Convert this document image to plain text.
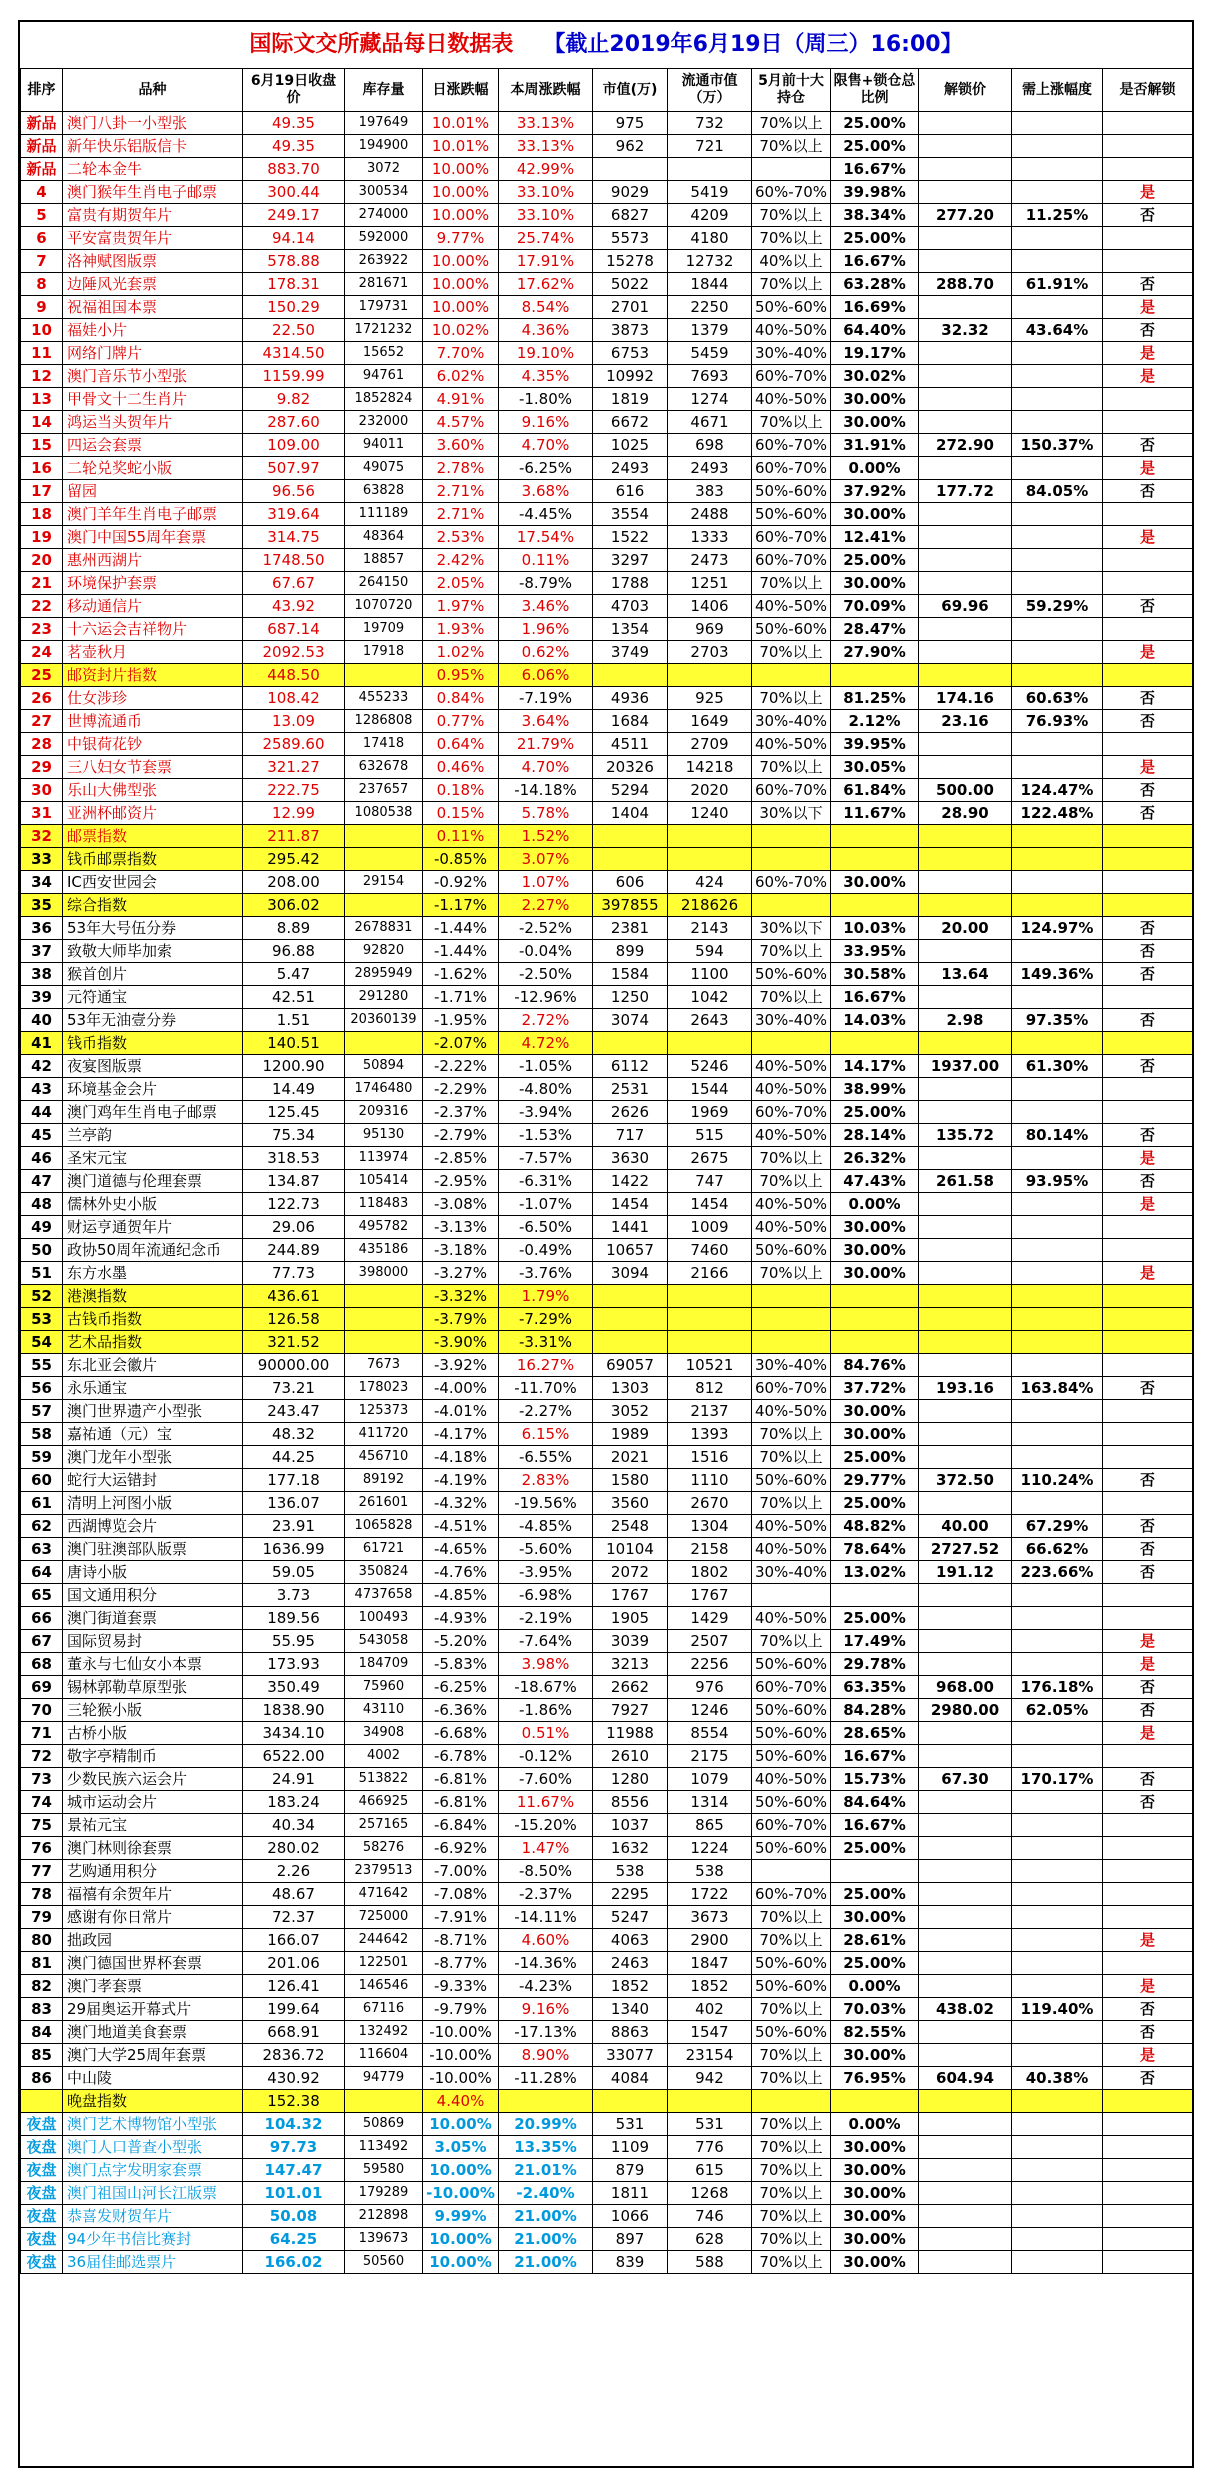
国际文交所藏品每日数据表 【截止2019年6月19日（周三）16:00】
排序	品种	6月19日收盘价	库存量	日涨跌幅	本周涨跌幅	市值(万)	流通市值（万）	5月前十大持仓	限售+锁仓总比例	解锁价	需上涨幅度	是否解锁
新品	澳门八卦一小型张	49.35	197649	10.01%	33.13%	975	732	70%以上	25.00%			
新品	新年快乐铝版信卡	49.35	194900	10.01%	33.13%	962	721	70%以上	25.00%			
新品	二轮本金牛	883.70	3072	10.00%	42.99%				16.67%			
4	澳门猴年生肖电子邮票	300.44	300534	10.00%	33.10%	9029	5419	60%-70%	39.98%			是
5	富贵有期贺年片	249.17	274000	10.00%	33.10%	6827	4209	70%以上	38.34%	277.20	11.25%	否
6	平安富贵贺年片	94.14	592000	9.77%	25.74%	5573	4180	70%以上	25.00%			
7	洛神赋图版票	578.88	263922	10.00%	17.91%	15278	12732	40%以上	16.67%			
8	边陲风光套票	178.31	281671	10.00%	17.62%	5022	1844	70%以上	63.28%	288.70	61.91%	否
9	祝福祖国本票	150.29	179731	10.00%	8.54%	2701	2250	50%-60%	16.69%			是
10	福娃小片	22.50	1721232	10.02%	4.36%	3873	1379	40%-50%	64.40%	32.32	43.64%	否
11	网络门牌片	4314.50	15652	7.70%	19.10%	6753	5459	30%-40%	19.17%			是
12	澳门音乐节小型张	1159.99	94761	6.02%	4.35%	10992	7693	60%-70%	30.02%			是
13	甲骨文十二生肖片	9.82	1852824	4.91%	-1.80%	1819	1274	40%-50%	30.00%			
14	鸿运当头贺年片	287.60	232000	4.57%	9.16%	6672	4671	70%以上	30.00%			
15	四运会套票	109.00	94011	3.60%	4.70%	1025	698	60%-70%	31.91%	272.90	150.37%	否
16	二轮兑奖蛇小版	507.97	49075	2.78%	-6.25%	2493	2493	60%-70%	0.00%			是
17	留园	96.56	63828	2.71%	3.68%	616	383	50%-60%	37.92%	177.72	84.05%	否
18	澳门羊年生肖电子邮票	319.64	111189	2.71%	-4.45%	3554	2488	50%-60%	30.00%			
19	澳门中国55周年套票	314.75	48364	2.53%	17.54%	1522	1333	60%-70%	12.41%			是
20	惠州西湖片	1748.50	18857	2.42%	0.11%	3297	2473	60%-70%	25.00%			
21	环境保护套票	67.67	264150	2.05%	-8.79%	1788	1251	70%以上	30.00%			
22	移动通信片	43.92	1070720	1.97%	3.46%	4703	1406	40%-50%	70.09%	69.96	59.29%	否
23	十六运会吉祥物片	687.14	19709	1.93%	1.96%	1354	969	50%-60%	28.47%			
24	茗壶秋月	2092.53	17918	1.02%	0.62%	3749	2703	70%以上	27.90%			是
25	邮资封片指数	448.50		0.95%	6.06%							
26	仕女涉珍	108.42	455233	0.84%	-7.19%	4936	925	70%以上	81.25%	174.16	60.63%	否
27	世博流通币	13.09	1286808	0.77%	3.64%	1684	1649	30%-40%	2.12%	23.16	76.93%	否
28	中银荷花钞	2589.60	17418	0.64%	21.79%	4511	2709	40%-50%	39.95%			
29	三八妇女节套票	321.27	632678	0.46%	4.70%	20326	14218	70%以上	30.05%			是
30	乐山大佛型张	222.75	237657	0.18%	-14.18%	5294	2020	60%-70%	61.84%	500.00	124.47%	否
31	亚洲杯邮资片	12.99	1080538	0.15%	5.78%	1404	1240	30%以下	11.67%	28.90	122.48%	否
32	邮票指数	211.87		0.11%	1.52%							
33	钱币邮票指数	295.42		-0.85%	3.07%							
34	IC西安世园会	208.00	29154	-0.92%	1.07%	606	424	60%-70%	30.00%			
35	综合指数	306.02		-1.17%	2.27%	397855	218626					
36	53年大号伍分券	8.89	2678831	-1.44%	-2.52%	2381	2143	30%以下	10.03%	20.00	124.97%	否
37	致敬大师毕加索	96.88	92820	-1.44%	-0.04%	899	594	70%以上	33.95%			否
38	猴首创片	5.47	2895949	-1.62%	-2.50%	1584	1100	50%-60%	30.58%	13.64	149.36%	否
39	元符通宝	42.51	291280	-1.71%	-12.96%	1250	1042	70%以上	16.67%			
40	53年无油壹分券	1.51	20360139	-1.95%	2.72%	3074	2643	30%-40%	14.03%	2.98	97.35%	否
41	钱币指数	140.51		-2.07%	4.72%							
42	夜宴图版票	1200.90	50894	-2.22%	-1.05%	6112	5246	40%-50%	14.17%	1937.00	61.30%	否
43	环境基金会片	14.49	1746480	-2.29%	-4.80%	2531	1544	40%-50%	38.99%			
44	澳门鸡年生肖电子邮票	125.45	209316	-2.37%	-3.94%	2626	1969	60%-70%	25.00%			
45	兰亭韵	75.34	95130	-2.79%	-1.53%	717	515	40%-50%	28.14%	135.72	80.14%	否
46	圣宋元宝	318.53	113974	-2.85%	-7.57%	3630	2675	70%以上	26.32%			是
47	澳门道德与伦理套票	134.87	105414	-2.95%	-6.31%	1422	747	70%以上	47.43%	261.58	93.95%	否
48	儒林外史小版	122.73	118483	-3.08%	-1.07%	1454	1454	40%-50%	0.00%			是
49	财运亨通贺年片	29.06	495782	-3.13%	-6.50%	1441	1009	40%-50%	30.00%			
50	政协50周年流通纪念币	244.89	435186	-3.18%	-0.49%	10657	7460	50%-60%	30.00%			
51	东方水墨	77.73	398000	-3.27%	-3.76%	3094	2166	70%以上	30.00%			是
52	港澳指数	436.61		-3.32%	1.79%							
53	古钱币指数	126.58		-3.79%	-7.29%							
54	艺术品指数	321.52		-3.90%	-3.31%							
55	东北亚会徽片	90000.00	7673	-3.92%	16.27%	69057	10521	30%-40%	84.76%			
56	永乐通宝	73.21	178023	-4.00%	-11.70%	1303	812	60%-70%	37.72%	193.16	163.84%	否
57	澳门世界遗产小型张	243.47	125373	-4.01%	-2.27%	3052	2137	40%-50%	30.00%			
58	嘉祐通（元）宝	48.32	411720	-4.17%	6.15%	1989	1393	70%以上	30.00%			
59	澳门龙年小型张	44.25	456710	-4.18%	-6.55%	2021	1516	70%以上	25.00%			
60	蛇行大运错封	177.18	89192	-4.19%	2.83%	1580	1110	50%-60%	29.77%	372.50	110.24%	否
61	清明上河图小版	136.07	261601	-4.32%	-19.56%	3560	2670	70%以上	25.00%			
62	西湖博览会片	23.91	1065828	-4.51%	-4.85%	2548	1304	40%-50%	48.82%	40.00	67.29%	否
63	澳门驻澳部队版票	1636.99	61721	-4.65%	-5.60%	10104	2158	40%-50%	78.64%	2727.52	66.62%	否
64	唐诗小版	59.05	350824	-4.76%	-3.95%	2072	1802	30%-40%	13.02%	191.12	223.66%	否
65	国文通用积分	3.73	4737658	-4.85%	-6.98%	1767	1767					
66	澳门街道套票	189.56	100493	-4.93%	-2.19%	1905	1429	40%-50%	25.00%			
67	国际贸易封	55.95	543058	-5.20%	-7.64%	3039	2507	70%以上	17.49%			是
68	董永与七仙女小本票	173.93	184709	-5.83%	3.98%	3213	2256	50%-60%	29.78%			是
69	锡林郭勒草原型张	350.49	75960	-6.25%	-18.67%	2662	976	60%-70%	63.35%	968.00	176.18%	否
70	三轮猴小版	1838.90	43110	-6.36%	-1.86%	7927	1246	50%-60%	84.28%	2980.00	62.05%	否
71	古桥小版	3434.10	34908	-6.68%	0.51%	11988	8554	50%-60%	28.65%			是
72	敬字亭精制币	6522.00	4002	-6.78%	-0.12%	2610	2175	50%-60%	16.67%			
73	少数民族六运会片	24.91	513822	-6.81%	-7.60%	1280	1079	40%-50%	15.73%	67.30	170.17%	否
74	城市运动会片	183.24	466925	-6.81%	11.67%	8556	1314	50%-60%	84.64%			否
75	景祐元宝	40.34	257165	-6.84%	-15.20%	1037	865	60%-70%	16.67%			
76	澳门林则徐套票	280.02	58276	-6.92%	1.47%	1632	1224	50%-60%	25.00%			
77	艺购通用积分	2.26	2379513	-7.00%	-8.50%	538	538					
78	福禧有余贺年片	48.67	471642	-7.08%	-2.37%	2295	1722	60%-70%	25.00%			
79	感谢有你日常片	72.37	725000	-7.91%	-14.11%	5247	3673	70%以上	30.00%			
80	拙政园	166.07	244642	-8.71%	4.60%	4063	2900	70%以上	28.61%			是
81	澳门德国世界杯套票	201.06	122501	-8.77%	-14.36%	2463	1847	50%-60%	25.00%			
82	澳门孝套票	126.41	146546	-9.33%	-4.23%	1852	1852	50%-60%	0.00%			是
83	29届奥运开幕式片	199.64	67116	-9.79%	9.16%	1340	402	70%以上	70.03%	438.02	119.40%	否
84	澳门地道美食套票	668.91	132492	-10.00%	-17.13%	8863	1547	50%-60%	82.55%			否
85	澳门大学25周年套票	2836.72	116604	-10.00%	8.90%	33077	23154	70%以上	30.00%			是
86	中山陵	430.92	94779	-10.00%	-11.28%	4084	942	70%以上	76.95%	604.94	40.38%	否
	晚盘指数	152.38		4.40%								
夜盘	澳门艺术博物馆小型张	104.32	50869	10.00%	20.99%	531	531	70%以上	0.00%			
夜盘	澳门人口普查小型张	97.73	113492	3.05%	13.35%	1109	776	70%以上	30.00%			
夜盘	澳门点字发明家套票	147.47	59580	10.00%	21.01%	879	615	70%以上	30.00%			
夜盘	澳门祖国山河长江版票	101.01	179289	-10.00%	-2.40%	1811	1268	70%以上	30.00%			
夜盘	恭喜发财贺年片	50.08	212898	9.99%	21.00%	1066	746	70%以上	30.00%			
夜盘	94少年书信比赛封	64.25	139673	10.00%	21.00%	897	628	70%以上	30.00%			
夜盘	36届佳邮选票片	166.02	50560	10.00%	21.00%	839	588	70%以上	30.00%			
